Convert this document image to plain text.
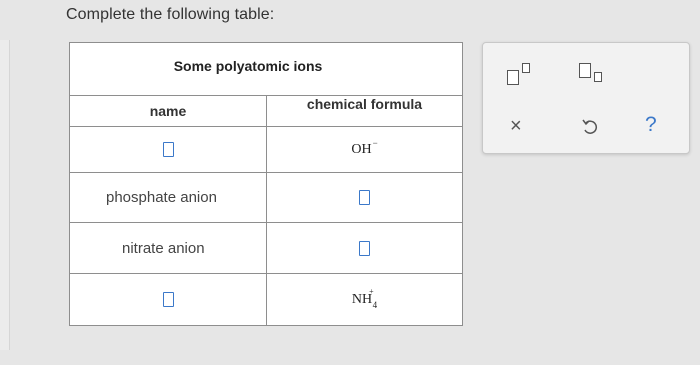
Complete the following table:
Some polyatomic ions
name	chemical formula
OH−
phosphate anion
nitrate anion
$NH^+_4$
×	?
